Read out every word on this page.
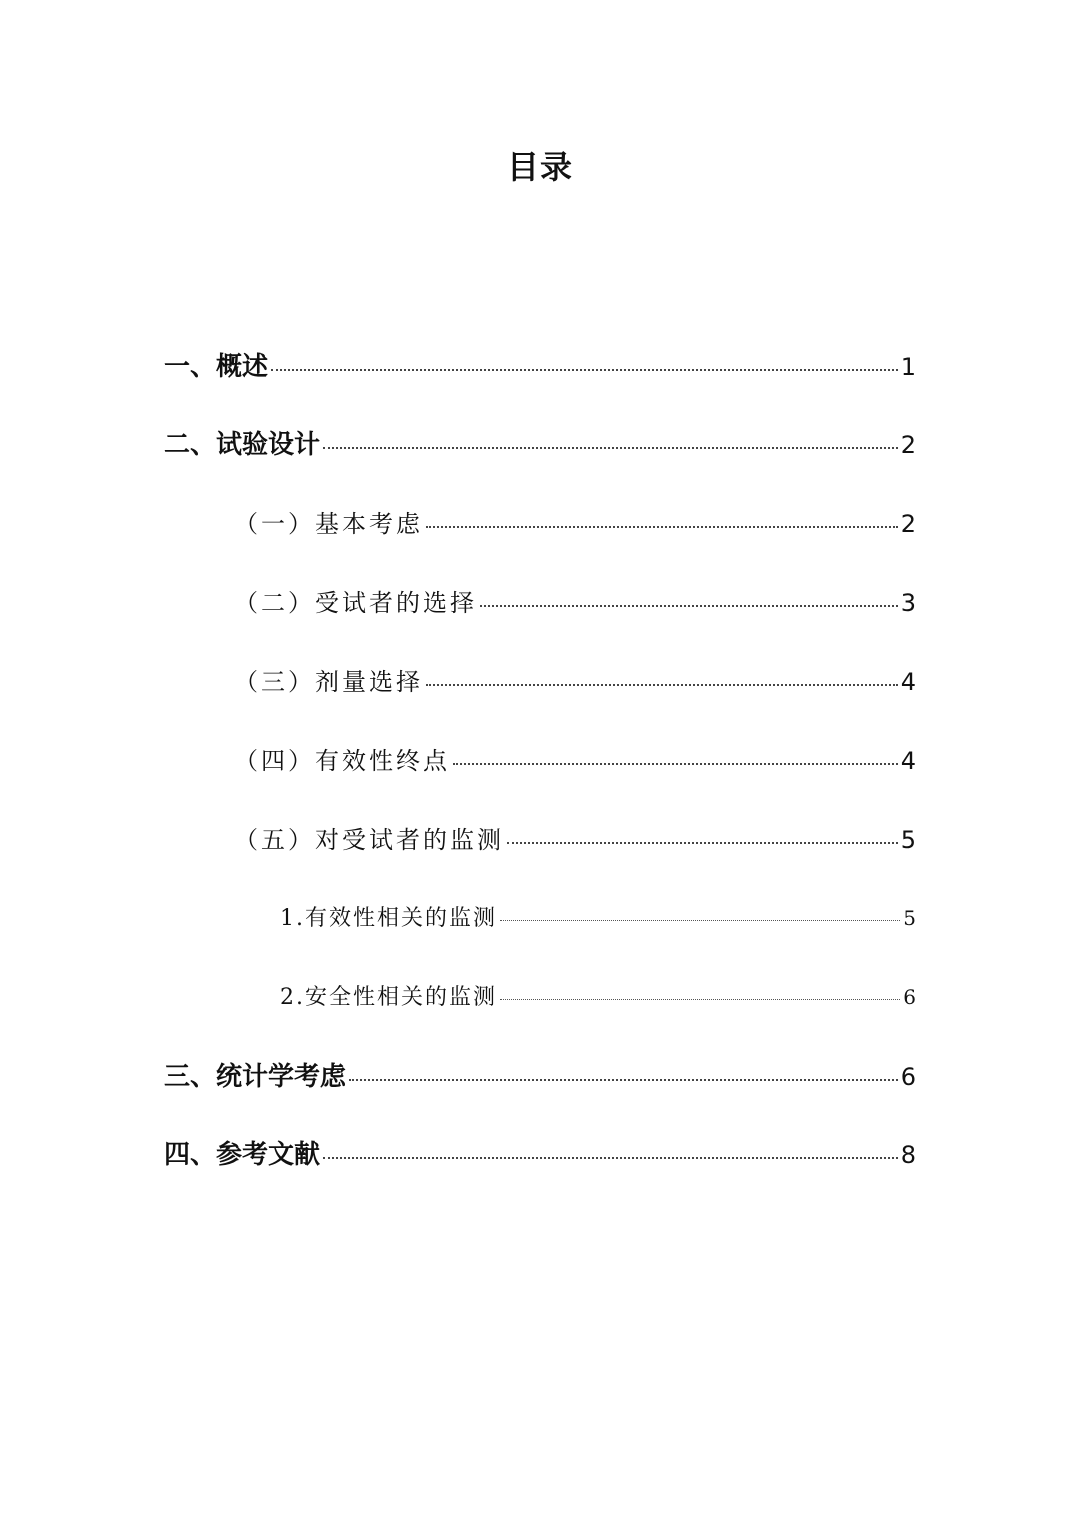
目录
一、概述	1
二、试验设计	2
（一）基本考虑	2
（二）受试者的选择	3
（三）剂量选择	4
（四）有效性终点	4
（五）对受试者的监测	5
1.有效性相关的监测	5
2.安全性相关的监测	6
三、统计学考虑	6
四、参考文献	8
